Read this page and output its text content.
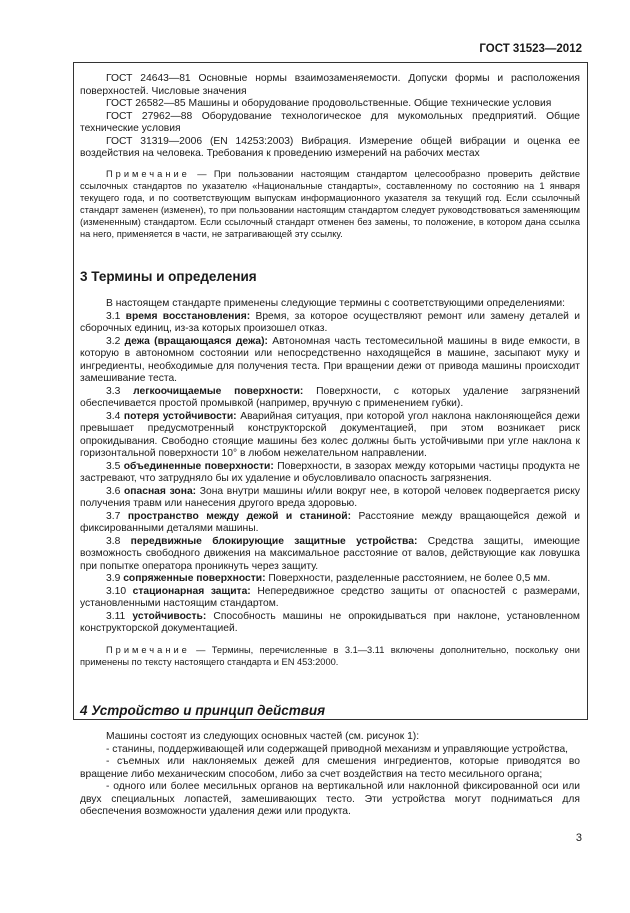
ГОСТ 31523—2012

ГОСТ 24643—81 Основные нормы взаимозаменяемости. Допуски формы и расположения поверхностей. Числовые значения

ГОСТ 26582—85 Машины и оборудование продовольственные. Общие технические условия

ГОСТ 27962—88 Оборудование технологическое для мукомольных предприятий. Общие технические условия

ГОСТ 31319—2006 (EN 14253:2003) Вибрация. Измерение общей вибрации и оценка ее воздействия на человека. Требования к проведению измерений на рабочих местах

Примечание — При пользовании настоящим стандартом целесообразно проверить действие ссылочных стандартов по указателю «Национальные стандарты», составленному по состоянию на 1 января текущего года, и по соответствующим выпускам информационного указателя за текущий год. Если ссылочный стандарт заменен (изменен), то при пользовании настоящим стандартом следует руководствоваться заменяющим (измененным) стандартом. Если ссылочный стандарт отменен без замены, то положение, в котором дана ссылка на него, применяется в части, не затрагивающей эту ссылку.

3 Термины и определения

В настоящем стандарте применены следующие термины с соответствующими определениями:

3.1 время восстановления: Время, за которое осуществляют ремонт или замену деталей и сборочных единиц, из-за которых произошел отказ.

3.2 дежа (вращающаяся дежа): Автономная часть тестомесильной машины в виде емкости, в которую в автономном состоянии или непосредственно находящейся в машине, засыпают муку и ингредиенты, необходимые для получения теста. При вращении дежи от привода машины происходит замешивание теста.

3.3 легкоочищаемые поверхности: Поверхности, с которых удаление загрязнений обеспечивается простой промывкой (например, вручную с применением губки).

3.4 потеря устойчивости: Аварийная ситуация, при которой угол наклона наклоняющейся дежи превышает предусмотренный конструкторской документацией, при этом возникает риск опрокидывания. Свободно стоящие машины без колес должны быть устойчивыми при угле наклона к горизонтальной поверхности 10° в любом нежелательном направлении.

3.5 объединенные поверхности: Поверхности, в зазорах между которыми частицы продукта не застревают, что затрудняло бы их удаление и обусловливало опасность загрязнения.

3.6 опасная зона: Зона внутри машины и/или вокруг нее, в которой человек подвергается риску получения травм или нанесения другого вреда здоровью.

3.7 пространство между дежой и станиной: Расстояние между вращающейся дежой и фиксированными деталями машины.

3.8 передвижные блокирующие защитные устройства: Средства защиты, имеющие возможность свободного движения на максимальное расстояние от валов, действующие как ловушка при попытке оператора проникнуть через защиту.

3.9 сопряженные поверхности: Поверхности, разделенные расстоянием, не более 0,5 мм.

3.10 стационарная защита: Непередвижное средство защиты от опасностей с размерами, установленными настоящим стандартом.

3.11 устойчивость: Способность машины не опрокидываться при наклоне, установленном конструкторской документацией.

Примечание — Термины, перечисленные в 3.1—3.11 включены дополнительно, поскольку они применены по тексту настоящего стандарта и EN 453:2000.

4 Устройство и принцип действия

Машины состоят из следующих основных частей (см. рисунок 1):

- станины, поддерживающей или содержащей приводной механизм и управляющие устройства,

- съемных или наклоняемых дежей для смешения ингредиентов, которые приводятся во вращение либо механическим способом, либо за счет воздействия на тесто месильного органа;

- одного или более месильных органов на вертикальной или наклонной фиксированной оси или двух специальных лопастей, замешивающих тесто. Эти устройства могут подниматься для обеспечения возможности удаления дежи или продукта.

3
